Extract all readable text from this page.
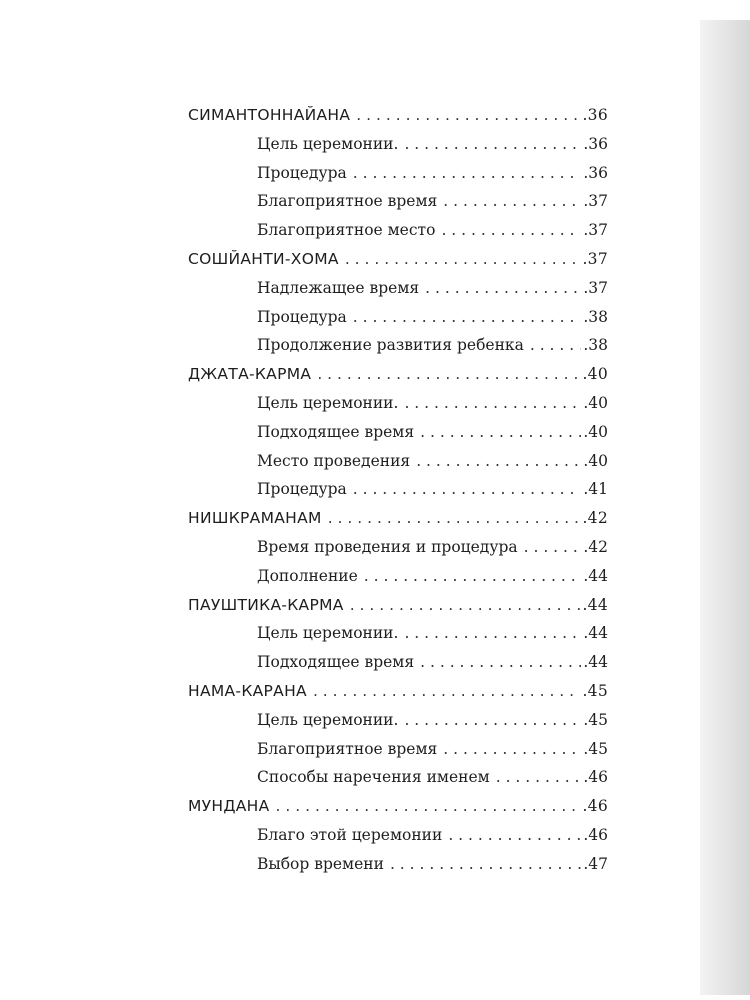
СИМАНТОННАЙАНА . . .	.36
Цель церемонии. . . .	.36
Процедура . . .	.36
Благоприятное время . . .	.37
Благоприятное место . . .	.37
СОШЙАНТИ-ХОМА . . .	.37
Надлежащее время . . .	.37
Процедура . . .	.38
Продолжение развития ребенка . . .	.38
ДЖАТА-КАРМА . . .	.40
Цель церемонии. . . .	.40
Подходящее время . . .	.40
Место проведения . . .	.40
Процедура . . .	.41
НИШКРАМАНАМ . . .	.42
Время проведения и процедура . . .	.42
Дополнение . . .	.44
ПАУШТИКА-КАРМА . . .	.44
Цель церемонии. . . .	.44
Подходящее время . . .	.44
НАМА-КАРАНА . . .	.45
Цель церемонии. . . .	.45
Благоприятное время . . .	.45
Способы наречения именем . . .	.46
МУНДАНА . . .	.46
Благо этой церемонии . . .	.46
Выбор времени . . .	.47
